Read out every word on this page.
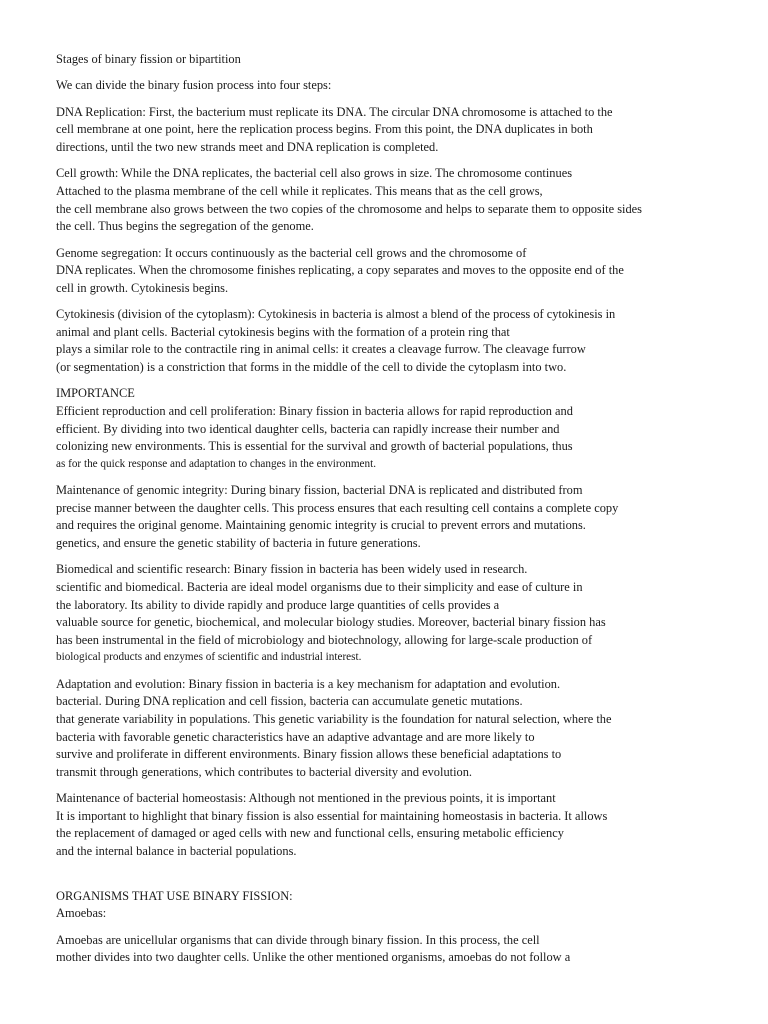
Stages of binary fission or bipartition
We can divide the binary fusion process into four steps:
DNA Replication: First, the bacterium must replicate its DNA. The circular DNA chromosome is attached to the
cell membrane at one point, here the replication process begins. From this point, the DNA duplicates in both
directions, until the two new strands meet and DNA replication is completed.
Cell growth: While the DNA replicates, the bacterial cell also grows in size. The chromosome continues
Attached to the plasma membrane of the cell while it replicates. This means that as the cell grows,
the cell membrane also grows between the two copies of the chromosome and helps to separate them to opposite sides
the cell. Thus begins the segregation of the genome.
Genome segregation: It occurs continuously as the bacterial cell grows and the chromosome of
DNA replicates. When the chromosome finishes replicating, a copy separates and moves to the opposite end of the
cell in growth. Cytokinesis begins.
Cytokinesis (division of the cytoplasm): Cytokinesis in bacteria is almost a blend of the process of cytokinesis in
animal and plant cells. Bacterial cytokinesis begins with the formation of a protein ring that
plays a similar role to the contractile ring in animal cells: it creates a cleavage furrow. The cleavage furrow
(or segmentation) is a constriction that forms in the middle of the cell to divide the cytoplasm into two.
IMPORTANCE
Efficient reproduction and cell proliferation: Binary fission in bacteria allows for rapid reproduction and
efficient. By dividing into two identical daughter cells, bacteria can rapidly increase their number and
colonizing new environments. This is essential for the survival and growth of bacterial populations, thus
as for the quick response and adaptation to changes in the environment.
Maintenance of genomic integrity: During binary fission, bacterial DNA is replicated and distributed from
precise manner between the daughter cells. This process ensures that each resulting cell contains a complete copy
and requires the original genome. Maintaining genomic integrity is crucial to prevent errors and mutations.
genetics, and ensure the genetic stability of bacteria in future generations.
Biomedical and scientific research: Binary fission in bacteria has been widely used in research.
scientific and biomedical. Bacteria are ideal model organisms due to their simplicity and ease of culture in
the laboratory. Its ability to divide rapidly and produce large quantities of cells provides a
valuable source for genetic, biochemical, and molecular biology studies. Moreover, bacterial binary fission has
has been instrumental in the field of microbiology and biotechnology, allowing for large-scale production of
biological products and enzymes of scientific and industrial interest.
Adaptation and evolution: Binary fission in bacteria is a key mechanism for adaptation and evolution.
bacterial. During DNA replication and cell fission, bacteria can accumulate genetic mutations.
that generate variability in populations. This genetic variability is the foundation for natural selection, where the
bacteria with favorable genetic characteristics have an adaptive advantage and are more likely to
survive and proliferate in different environments. Binary fission allows these beneficial adaptations to
transmit through generations, which contributes to bacterial diversity and evolution.
Maintenance of bacterial homeostasis: Although not mentioned in the previous points, it is important
It is important to highlight that binary fission is also essential for maintaining homeostasis in bacteria. It allows
the replacement of damaged or aged cells with new and functional cells, ensuring metabolic efficiency
and the internal balance in bacterial populations.
ORGANISMS THAT USE BINARY FISSION:
Amoebas:
Amoebas are unicellular organisms that can divide through binary fission. In this process, the cell
mother divides into two daughter cells. Unlike the other mentioned organisms, amoebas do not follow a
